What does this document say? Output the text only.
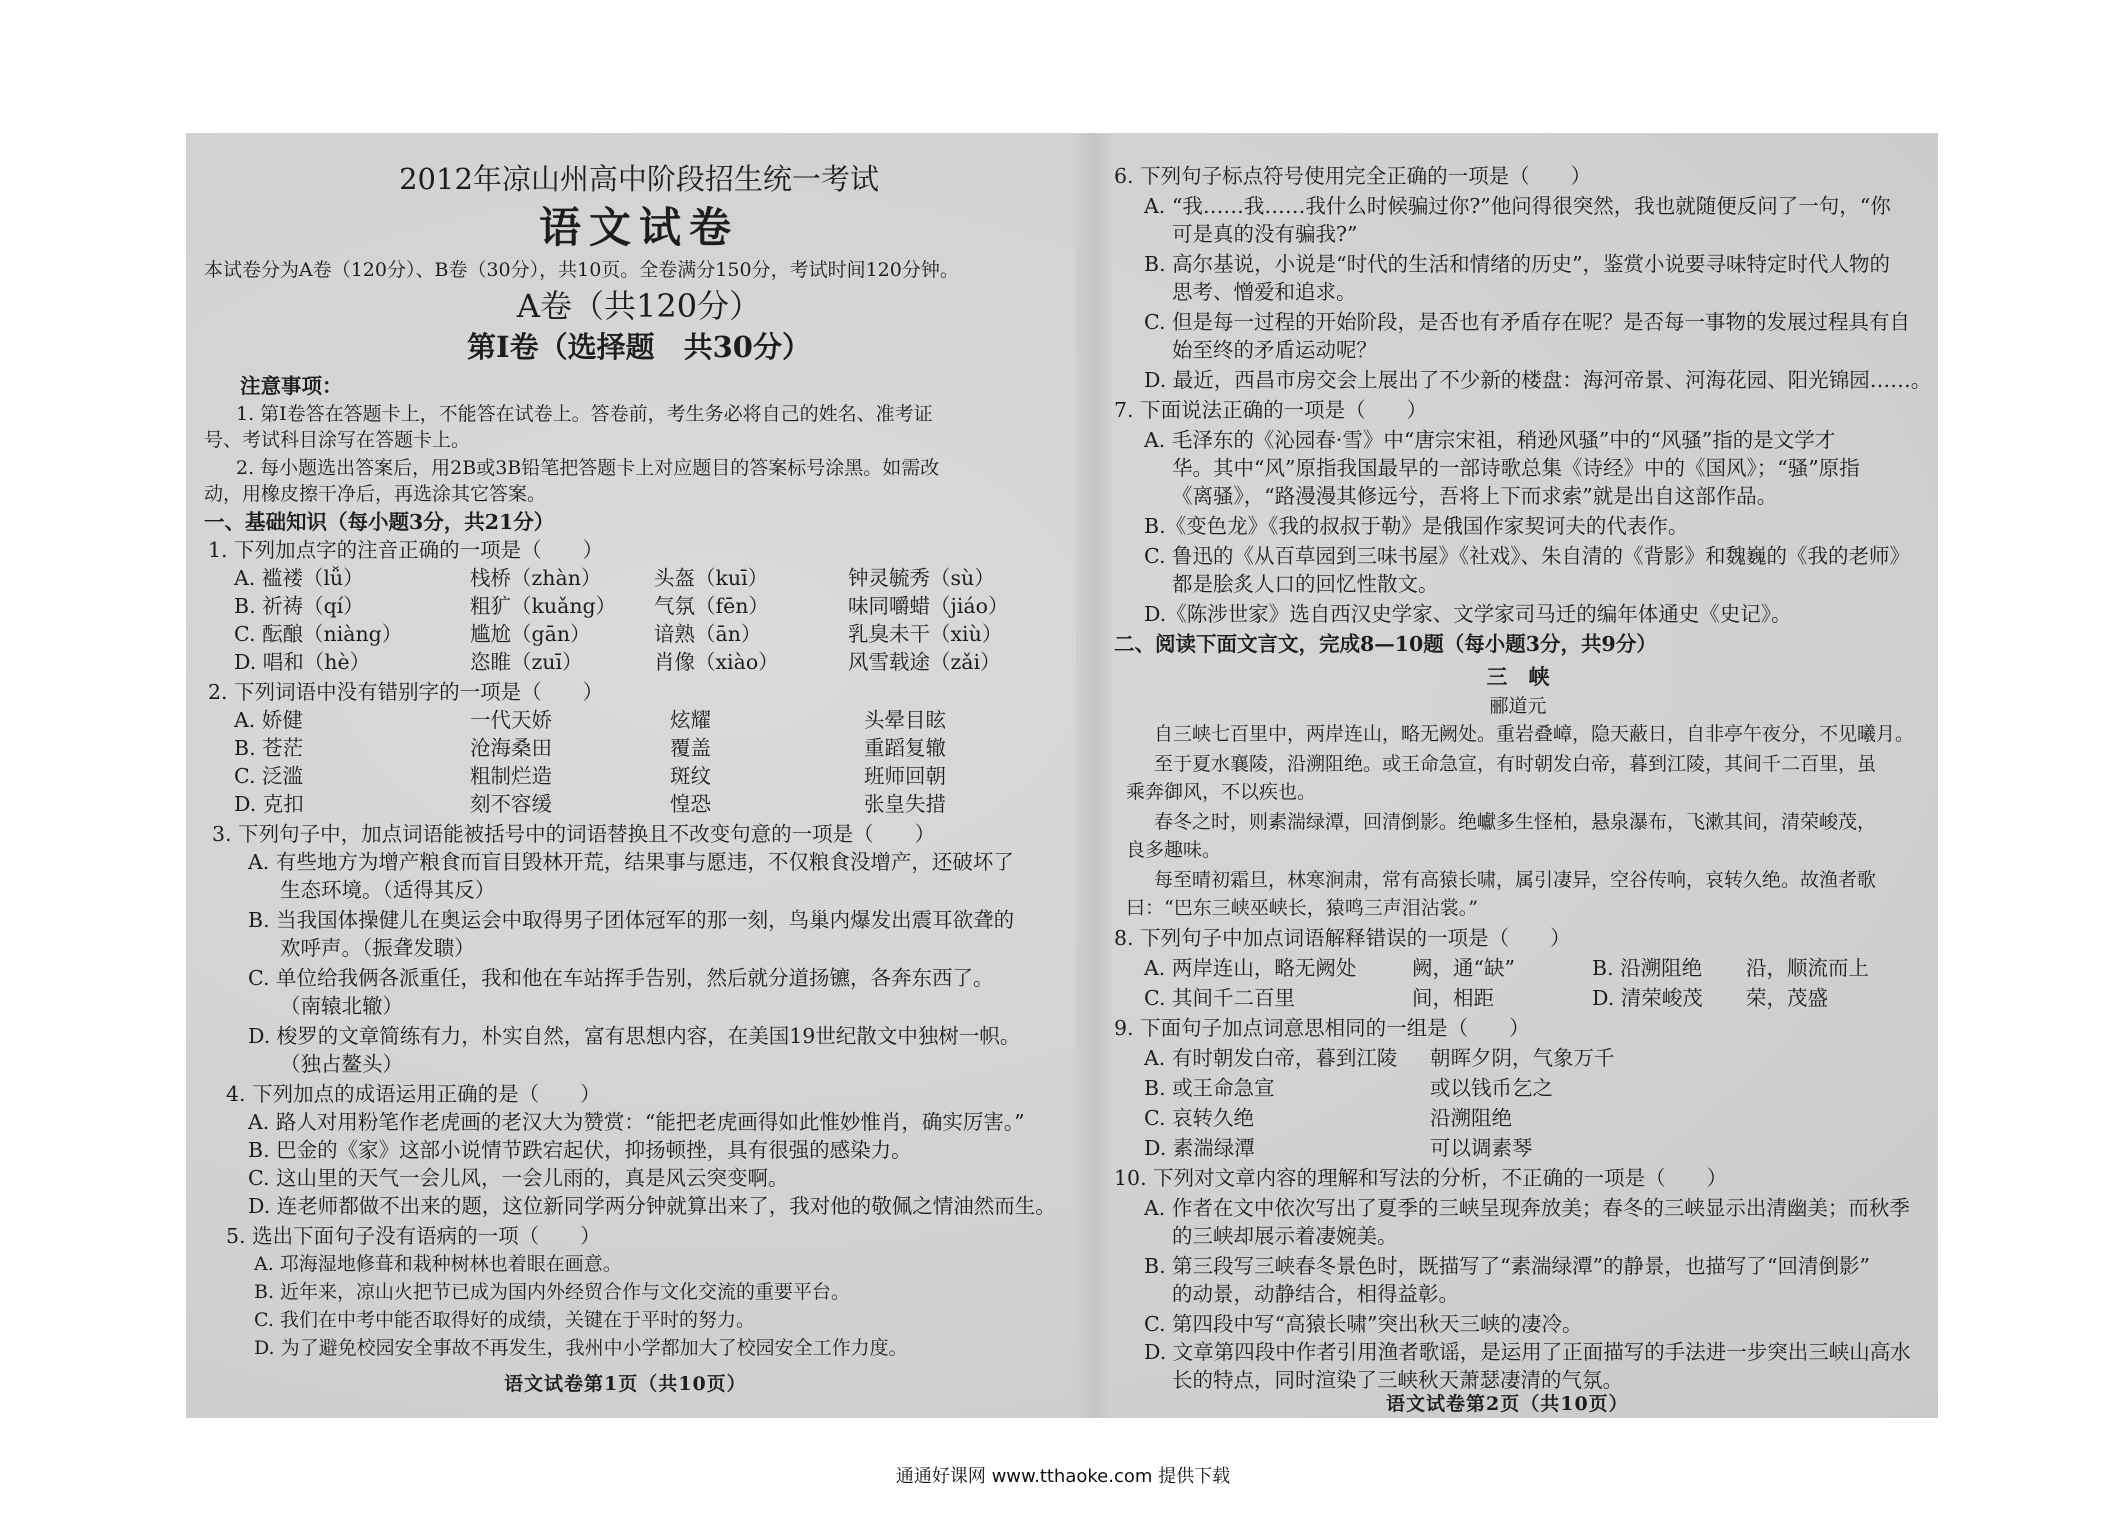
2012年凉山州高中阶段招生统一考试
语文试卷
本试卷分为A卷（120分）、B卷（30分），共10页。全卷满分150分，考试时间120分钟。
A卷（共120分）
第Ⅰ卷（选择题　共30分）
注意事项：
1. 第Ⅰ卷答在答题卡上，不能答在试卷上。答卷前，考生务必将自己的姓名、准考证
号、考试科目涂写在答题卡上。
2. 每小题选出答案后，用2B或3B铅笔把答题卡上对应题目的答案标号涂黑。如需改
动，用橡皮擦干净后，再选涂其它答案。
一、基础知识（每小题3分，共21分）
1. 下列加点字的注音正确的一项是（　　）
A. 褴褛（lǚ）	栈桥（zhàn）	头盔（kuī）	钟灵毓秀（sù）
B. 祈祷（qí）	粗犷（kuǎng） 气氛（fēn）	味同嚼蜡（jiáo）
C. 酝酿（niàng）	尴尬（gān）	谙熟（ān）	乳臭未干（xiù）
D. 唱和（hè）	恣睢（zuī）	肖像（xiào）	风雪载途（zǎi）
2. 下列词语中没有错别字的一项是（　　）
A. 娇健	一代天娇	炫耀	头晕目眩
B. 苍茫	沧海桑田	覆盖	重蹈复辙
C. 泛滥	粗制烂造	斑纹	班师回朝
D. 克扣	刻不容缓	惶恐	张皇失措
3. 下列句子中，加点词语能被括号中的词语替换且不改变句意的一项是（　　）
A. 有些地方为增产粮食而盲目毁林开荒，结果事与愿违，不仅粮食没增产，还破坏了
生态环境。（适得其反）
B. 当我国体操健儿在奥运会中取得男子团体冠军的那一刻，鸟巢内爆发出震耳欲聋的
欢呼声。（振聋发聩）
C. 单位给我俩各派重任，我和他在车站挥手告别，然后就分道扬镳，各奔东西了。
（南辕北辙）
D. 梭罗的文章简练有力，朴实自然，富有思想内容，在美国19世纪散文中独树一帜。
（独占鳌头）
4. 下列加点的成语运用正确的是（　　）
A. 路人对用粉笔作老虎画的老汉大为赞赏：“能把老虎画得如此惟妙惟肖，确实厉害。”
B. 巴金的《家》这部小说情节跌宕起伏，抑扬顿挫，具有很强的感染力。
C. 这山里的天气一会儿风，一会儿雨的，真是风云突变啊。
D. 连老师都做不出来的题，这位新同学两分钟就算出来了，我对他的敬佩之情油然而生。
5. 选出下面句子没有语病的一项（　　）
A. 邛海湿地修葺和栽种树林也着眼在画意。
B. 近年来，凉山火把节已成为国内外经贸合作与文化交流的重要平台。
C. 我们在中考中能否取得好的成绩，关键在于平时的努力。
D. 为了避免校园安全事故不再发生，我州中小学都加大了校园安全工作力度。
语文试卷第1页（共10页）
6. 下列句子标点符号使用完全正确的一项是（　　）
A. “我……我……我什么时候骗过你?”他问得很突然，我也就随便反问了一句，“你
可是真的没有骗我?”
B. 高尔基说，小说是“时代的生活和情绪的历史”，鉴赏小说要寻味特定时代人物的
思考、憎爱和追求。
C. 但是每一过程的开始阶段，是否也有矛盾存在呢？是否每一事物的发展过程具有自
始至终的矛盾运动呢？
D. 最近，西昌市房交会上展出了不少新的楼盘：海河帝景、河海花园、阳光锦园……。
7. 下面说法正确的一项是（　　）
A. 毛泽东的《沁园春·雪》中“唐宗宋祖，稍逊风骚”中的“风骚”指的是文学才
华。其中“风”原指我国最早的一部诗歌总集《诗经》中的《国风》；“骚”原指
《离骚》，“路漫漫其修远兮，吾将上下而求索”就是出自这部作品。
B.《变色龙》《我的叔叔于勒》是俄国作家契诃夫的代表作。
C. 鲁迅的《从百草园到三味书屋》《社戏》、朱自清的《背影》和魏巍的《我的老师》
都是脍炙人口的回忆性散文。
D.《陈涉世家》选自西汉史学家、文学家司马迁的编年体通史《史记》。
二、阅读下面文言文，完成8—10题（每小题3分，共9分）
三　峡
郦道元
自三峡七百里中，两岸连山，略无阙处。重岩叠嶂，隐天蔽日，自非亭午夜分，不见曦月。
至于夏水襄陵，沿溯阻绝。或王命急宣，有时朝发白帝，暮到江陵，其间千二百里，虽
乘奔御风，不以疾也。
春冬之时，则素湍绿潭，回清倒影。绝巘多生怪柏，悬泉瀑布，飞漱其间，清荣峻茂，
良多趣味。
每至晴初霜旦，林寒涧肃，常有高猿长啸，属引凄异，空谷传响，哀转久绝。故渔者歌
曰：“巴东三峡巫峡长，猿鸣三声泪沾裳。”
8. 下列句子中加点词语解释错误的一项是（　　）
A. 两岸连山，略无阙处	阙，通“缺”	B. 沿溯阻绝 沿，顺流而上
C. 其间千二百里	间，相距	D. 清荣峻茂 荣，茂盛
9. 下面句子加点词意思相同的一组是（　　）
A. 有时朝发白帝，暮到江陵 朝晖夕阴，气象万千
B. 或王命急宣	或以钱币乞之
C. 哀转久绝	沿溯阻绝
D. 素湍绿潭	可以调素琴
10. 下列对文章内容的理解和写法的分析，不正确的一项是（　　）
A. 作者在文中依次写出了夏季的三峡呈现奔放美；春冬的三峡显示出清幽美；而秋季
的三峡却展示着凄婉美。
B. 第三段写三峡春冬景色时，既描写了“素湍绿潭”的静景，也描写了“回清倒影”
的动景，动静结合，相得益彰。
C. 第四段中写“高猿长啸”突出秋天三峡的凄冷。
D. 文章第四段中作者引用渔者歌谣，是运用了正面描写的手法进一步突出三峡山高水
长的特点，同时渲染了三峡秋天萧瑟凄清的气氛。
语文试卷第2页（共10页）
通通好课网 www.tthaoke.com 提供下载
